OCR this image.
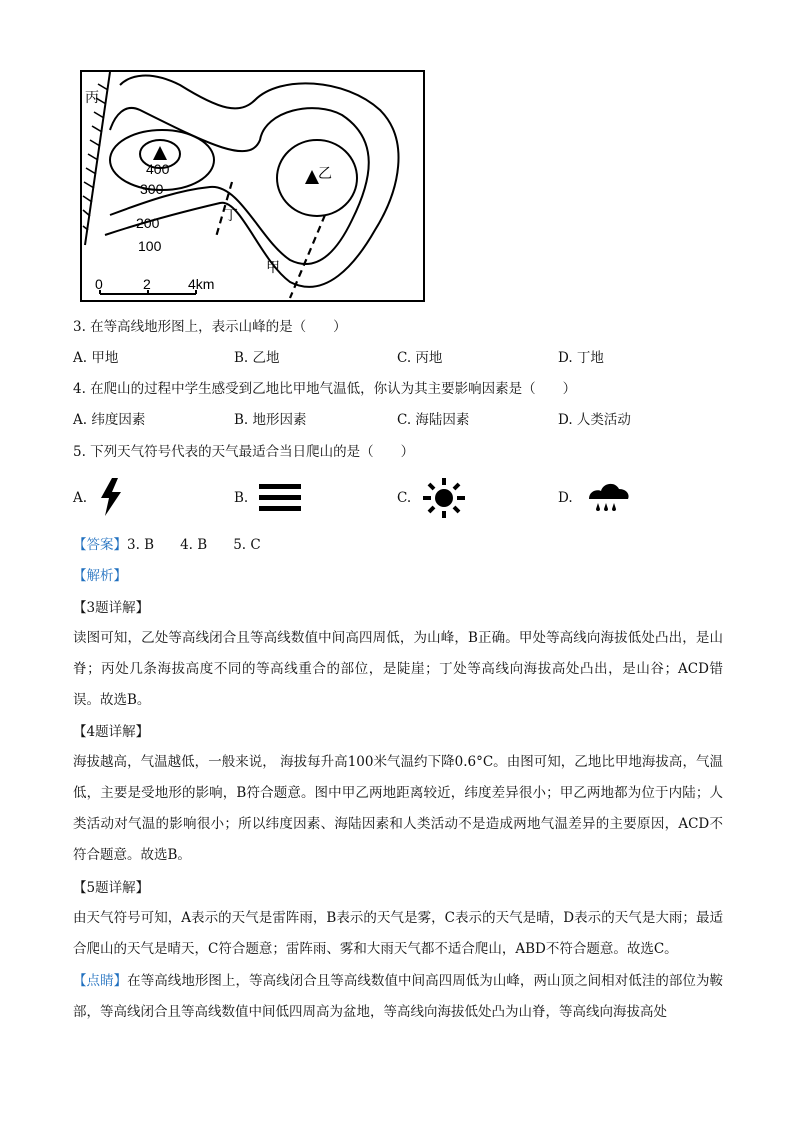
丙
乙
丁
甲
400
300
200
100
0	2	4km
3. 在等高线地形图上，表示山峰的是（　　）
A. 甲地	B. 乙地	C. 丙地	D. 丁地
4. 在爬山的过程中学生感受到乙地比甲地气温低，你认为其主要影响因素是（　　）
A. 纬度因素	B. 地形因素	C. 海陆因素	D. 人类活动
5. 下列天气符号代表的天气最适合当日爬山的是（　　）
A.	B.	C.	D.
【答案】3. B 4. B 5. C
【解析】
【3题详解】
读图可知，乙处等高线闭合且等高线数值中间高四周低，为山峰，B正确。甲处等高线向海拔低处凸出，是山脊；丙处几条海拔高度不同的等高线重合的部位，是陡崖；丁处等高线向海拔高处凸出，是山谷；ACD错误。故选B。
【4题详解】
海拔越高，气温越低，一般来说， 海拔每升高100米气温约下降0.6°C。由图可知，乙地比甲地海拔高，气温低，主要是受地形的影响，B符合题意。图中甲乙两地距离较近，纬度差异很小；甲乙两地都为位于内陆；人类活动对气温的影响很小；所以纬度因素、海陆因素和人类活动不是造成两地气温差异的主要原因，ACD不符合题意。故选B。
【5题详解】
由天气符号可知，A表示的天气是雷阵雨，B表示的天气是雾，C表示的天气是晴，D表示的天气是大雨；最适合爬山的天气是晴天，C符合题意；雷阵雨、雾和大雨天气都不适合爬山，ABD不符合题意。故选C。
【点睛】在等高线地形图上，等高线闭合且等高线数值中间高四周低为山峰，两山顶之间相对低洼的部位为鞍部，等高线闭合且等高线数值中间低四周高为盆地，等高线向海拔低处凸为山脊，等高线向海拔高处
